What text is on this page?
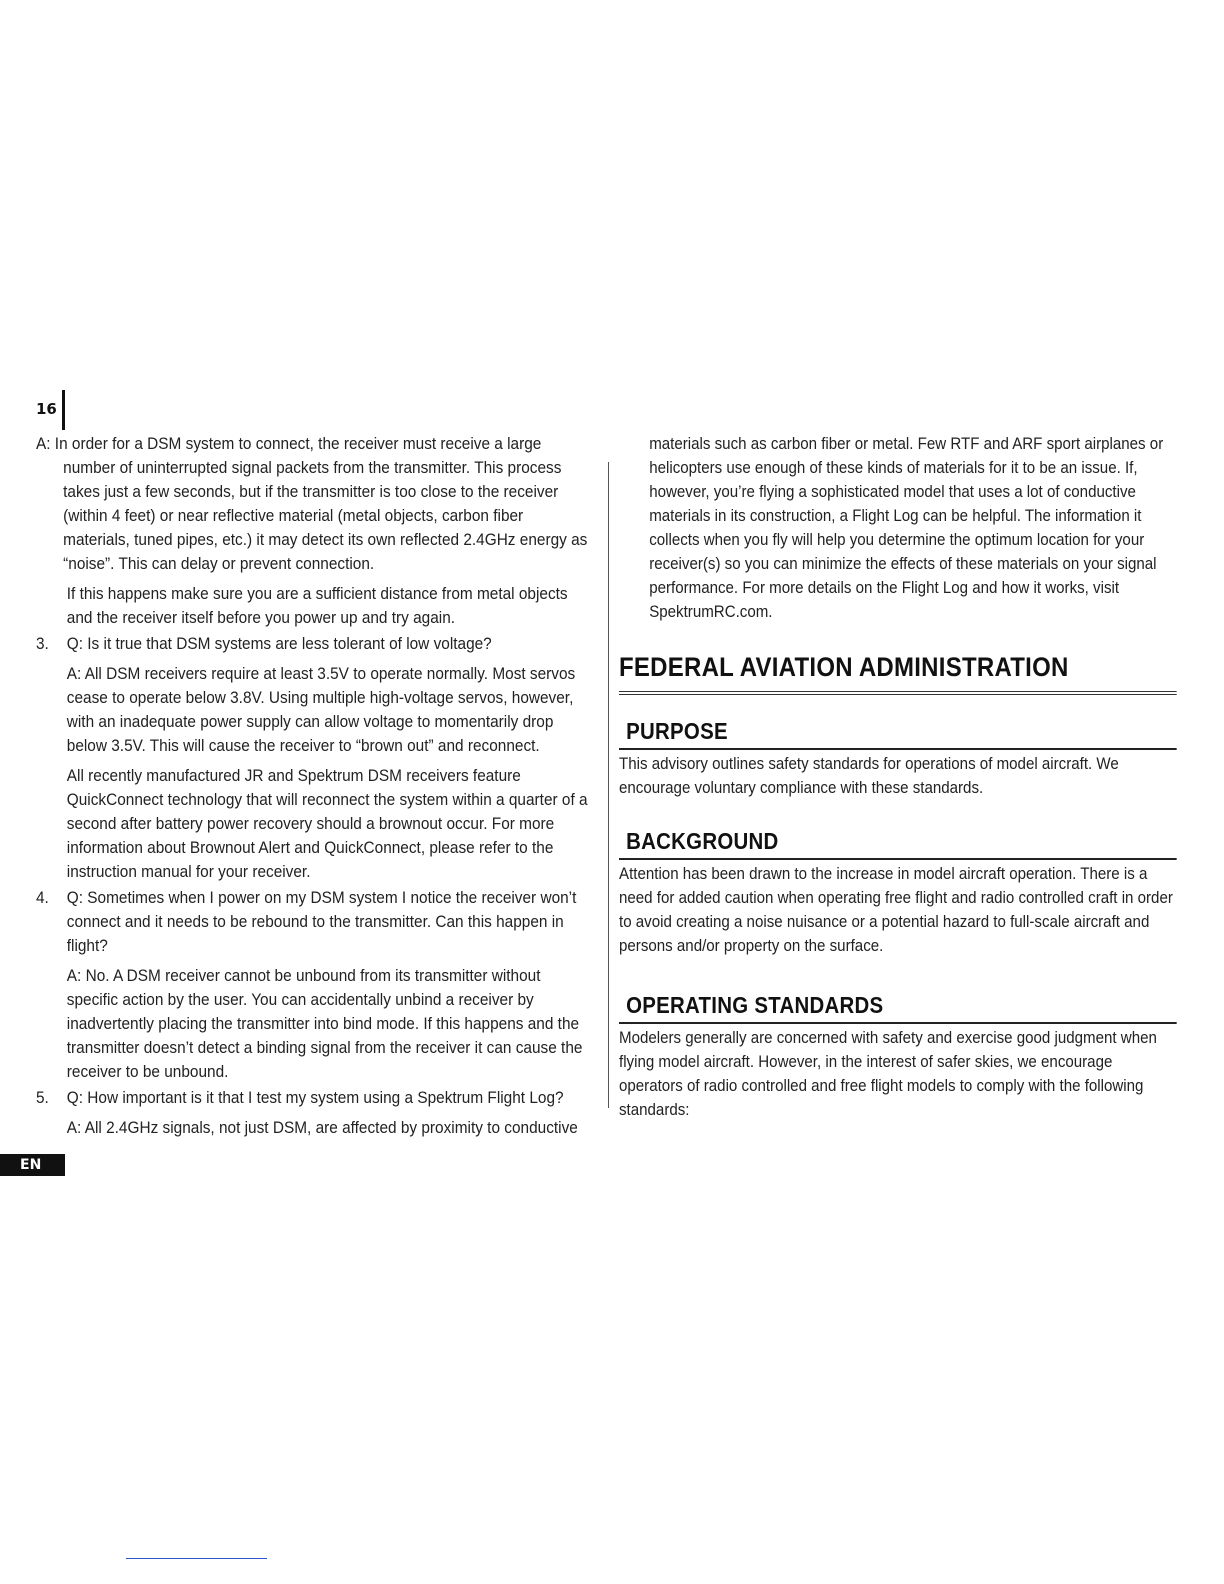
16

A: In order for a DSM system to connect, the receiver must receive a large number of uninterrupted signal packets from the transmitter. This process takes just a few seconds, but if the transmitter is too close to the receiver (within 4 feet) or near reflective material (metal objects, carbon fiber materials, tuned pipes, etc.) it may detect its own reflected 2.4GHz energy as “noise”. This can delay or prevent connection.

If this happens make sure you are a sufficient distance from metal objects and the receiver itself before you power up and try again.

3. Q: Is it true that DSM systems are less tolerant of low voltage?

A: All DSM receivers require at least 3.5V to operate normally. Most servos cease to operate below 3.8V. Using multiple high-voltage servos, however, with an inadequate power supply can allow voltage to momentarily drop below 3.5V. This will cause the receiver to “brown out” and reconnect.

All recently manufactured JR and Spektrum DSM receivers feature QuickConnect technology that will reconnect the system within a quarter of a second after battery power recovery should a brownout occur. For more information about Brownout Alert and QuickConnect, please refer to the instruction manual for your receiver.

4. Q: Sometimes when I power on my DSM system I notice the receiver won’t connect and it needs to be rebound to the transmitter. Can this happen in flight?

A: No. A DSM receiver cannot be unbound from its transmitter without specific action by the user. You can accidentally unbind a receiver by inadvertently placing the transmitter into bind mode. If this happens and the transmitter doesn’t detect a binding signal from the receiver it can cause the receiver to be unbound.

5. Q: How important is it that I test my system using a Spektrum Flight Log?

A: All 2.4GHz signals, not just DSM, are affected by proximity to conductive

materials such as carbon fiber or metal. Few RTF and ARF sport airplanes or helicopters use enough of these kinds of materials for it to be an issue. If, however, you’re flying a sophisticated model that uses a lot of conductive materials in its construction, a Flight Log can be helpful. The information it collects when you fly will help you determine the optimum location for your receiver(s) so you can minimize the effects of these materials on your signal performance. For more details on the Flight Log and how it works, visit SpektrumRC.com.

FEDERAL AVIATION ADMINISTRATION
PURPOSE

This advisory outlines safety standards for operations of model aircraft. We encourage voluntary compliance with these standards.

BACKGROUND

Attention has been drawn to the increase in model aircraft operation. There is a need for added caution when operating free flight and radio controlled craft in order to avoid creating a noise nuisance or a potential hazard to full-scale aircraft and persons and/or property on the surface.

OPERATING STANDARDS

Modelers generally are concerned with safety and exercise good judgment when flying model aircraft. However, in the interest of safer skies, we encourage operators of radio controlled and free flight models to comply with the following standards:

EN
